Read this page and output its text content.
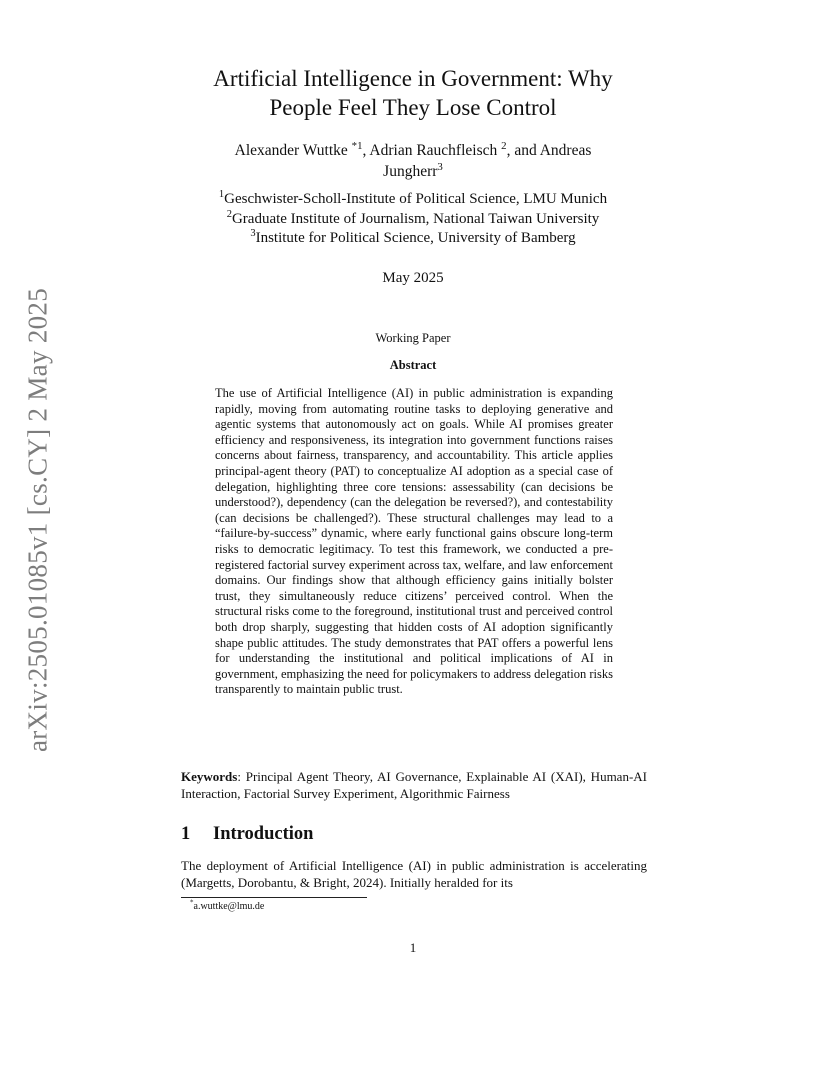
arXiv:2505.01085v1 [cs.CY] 2 May 2025
Artificial Intelligence in Government: Why
People Feel They Lose Control
Alexander Wuttke $^{*1}$, Adrian Rauchfleisch $^2$, and Andreas
Jungherr$^3$
$^1$Geschwister-Scholl-Institute of Political Science, LMU Munich
$^2$Graduate Institute of Journalism, National Taiwan University
$^3$Institute for Political Science, University of Bamberg
May 2025
Working Paper
Abstract

The use of Artificial Intelligence (AI) in public administration is expanding rapidly, moving from automating routine tasks to deploying generative and agentic systems that autonomously act on goals. While AI promises greater efficiency and responsiveness, its integration into government functions raises concerns about fairness, transparency, and accountability. This article applies principal-agent theory (PAT) to conceptualize AI adoption as a special case of delegation, highlighting three core tensions: assessability (can decisions be understood?), dependency (can the delegation be reversed?), and contestability (can decisions be challenged?). These structural challenges may lead to a “failure-by-success” dynamic, where early functional gains obscure long-term risks to democratic legitimacy. To test this framework, we conducted a pre-registered factorial survey experiment across tax, welfare, and law enforcement domains. Our findings show that although efficiency gains initially bolster trust, they simultaneously reduce citizens’ perceived control. When the structural risks come to the foreground, institutional trust and perceived control both drop sharply, suggesting that hidden costs of AI adoption significantly shape public attitudes. The study demonstrates that PAT offers a powerful lens for understanding the institutional and political implications of AI in government, emphasizing the need for policymakers to address delegation risks transparently to maintain public trust.

Keywords: Principal Agent Theory, AI Governance, Explainable AI (XAI), Human-AI Interaction, Factorial Survey Experiment, Algorithmic Fairness

1 Introduction

The deployment of Artificial Intelligence (AI) in public administration is accelerating (Margetts, Dorobantu, & Bright, 2024). Initially heralded for its

*a.wuttke@lmu.de
1
